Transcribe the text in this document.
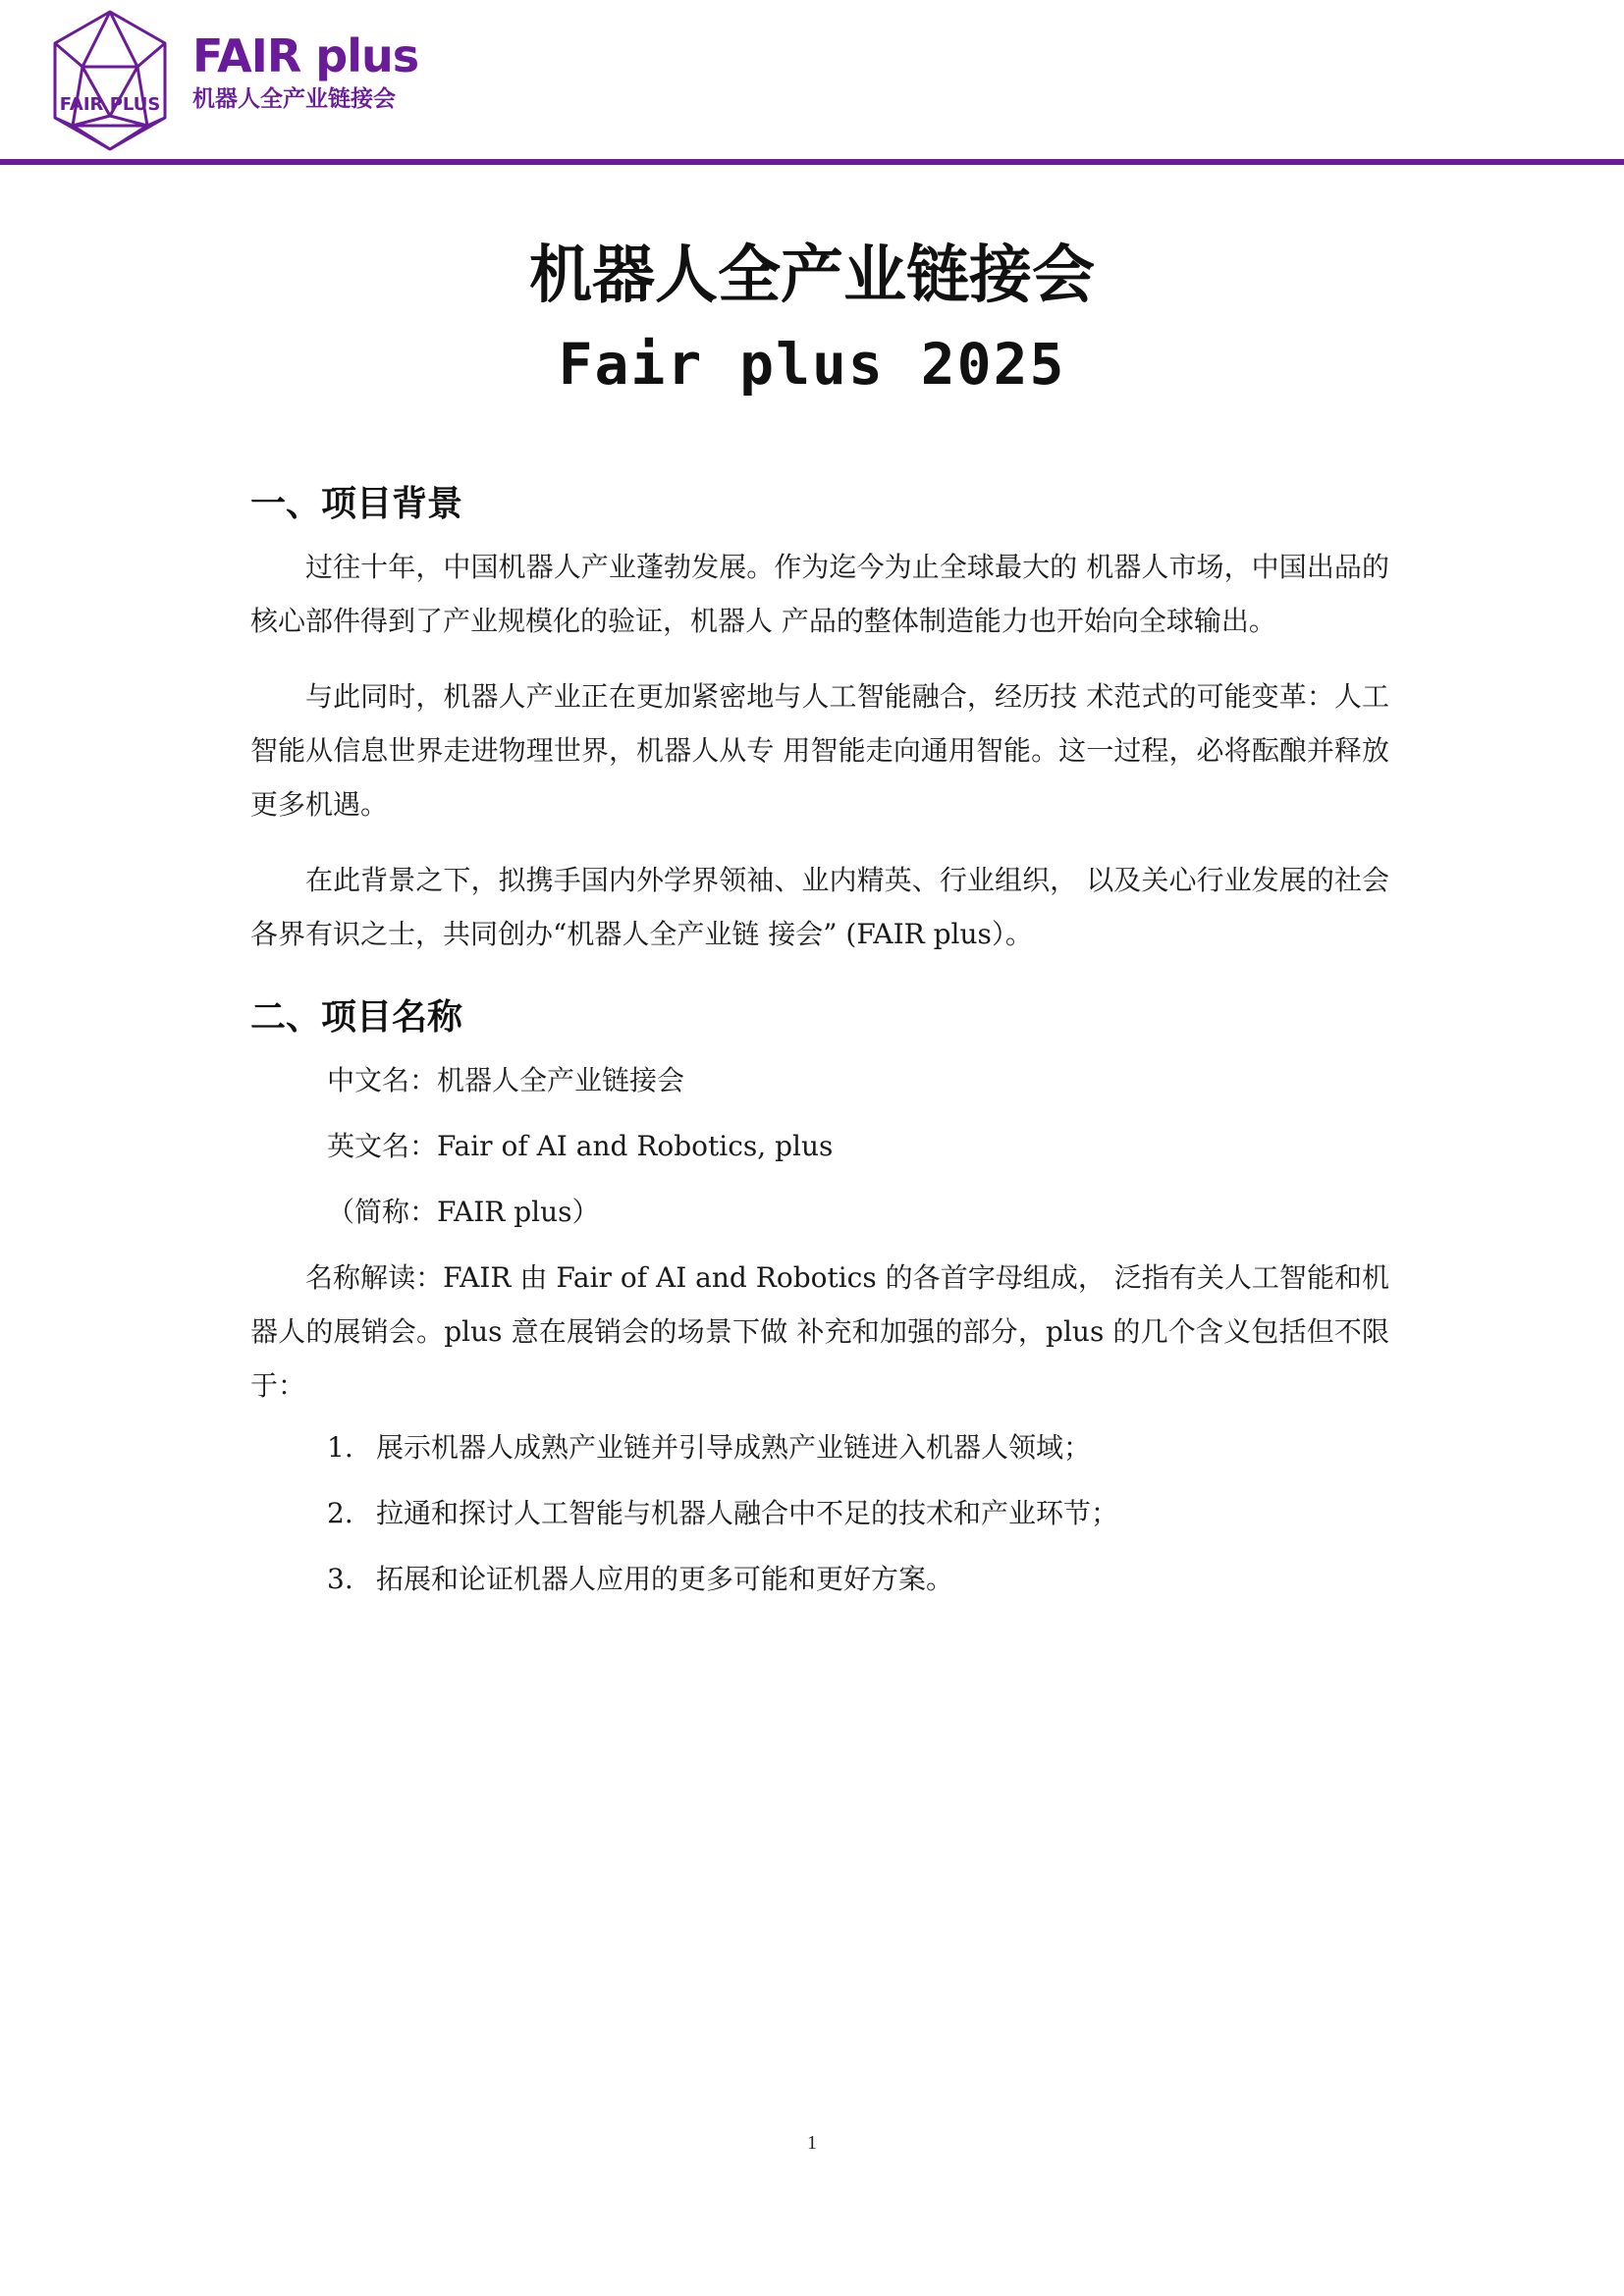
FAIR PLUS
FAIR plus
机器人全产业链接会
机器人全产业链接会
Fair plus 2025
一、项目背景

过往十年，中国机器人产业蓬勃发展。作为迄今为止全球最大的 机器人市场，中国出品的核心部件得到了产业规模化的验证，机器人 产品的整体制造能力也开始向全球输出。

与此同时，机器人产业正在更加紧密地与人工智能融合，经历技 术范式的可能变革：人工智能从信息世界走进物理世界，机器人从专 用智能走向通用智能。这一过程，必将酝酿并释放更多机遇。

在此背景之下，拟携手国内外学界领袖、业内精英、行业组织， 以及关心行业发展的社会各界有识之士，共同创办“机器人全产业链 接会” (FAIR plus）。

二、项目名称
中文名：机器人全产业链接会
英文名：Fair of AI and Robotics, plus
（简称：FAIR plus）

名称解读：FAIR 由 Fair of AI and Robotics 的各首字母组成， 泛指有关人工智能和机器人的展销会。plus 意在展销会的场景下做 补充和加强的部分，plus 的几个含义包括但不限于：

1. 展示机器人成熟产业链并引导成熟产业链进入机器人领域；
2. 拉通和探讨人工智能与机器人融合中不足的技术和产业环节；
3. 拓展和论证机器人应用的更多可能和更好方案。
1
